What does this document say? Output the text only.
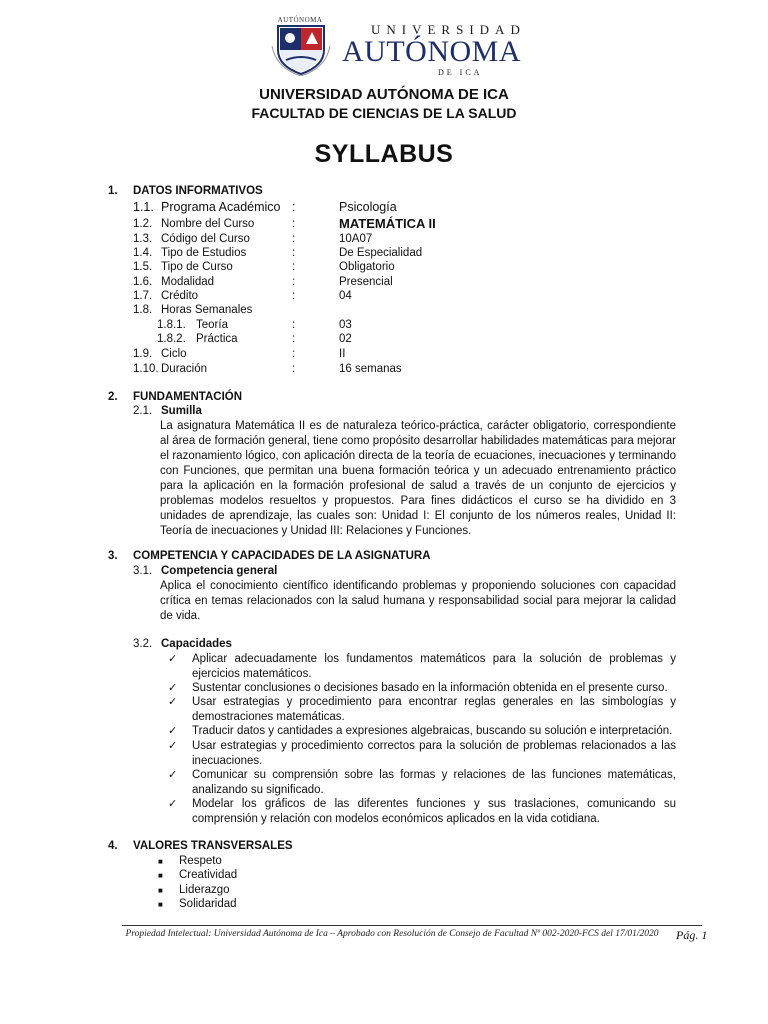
AUTÓNOMA
UNIVERSIDAD
AUTÓNOMA
DE ICA
UNIVERSIDAD AUTÓNOMA DE ICA
FACULTAD DE CIENCIAS DE LA SALUD
SYLLABUS
1. DATOS INFORMATIVOS
1.1. Programa Académico :	Psicología
1.2. Nombre del Curso	:	MATEMÁTICA II
1.3. Código del Curso	:	10A07
1.4. Tipo de Estudios	:	De Especialidad
1.5. Tipo de Curso	:	Obligatorio
1.6. Modalidad	:	Presencial
1.7. Crédito	:	04
1.8. Horas Semanales
1.8.1. Teoría	:	03
1.8.2. Práctica	:	02
1.9. Ciclo	:	II
1.10. Duración	:	16 semanas
2. FUNDAMENTACIÓN
2.1. Sumilla

La asignatura Matemática II es de naturaleza teórico-práctica, carácter obligatorio, correspondiente al área de formación general, tiene como propósito desarrollar habilidades matemáticas para mejorar el razonamiento lógico, con aplicación directa de la teoría de ecuaciones, inecuaciones y terminando con Funciones, que permitan una buena formación teórica y un adecuado entrenamiento práctico para la aplicación en la formación profesional de salud a través de un conjunto de ejercicios y problemas modelos resueltos y propuestos. Para fines didácticos el curso se ha dividido en 3 unidades de aprendizaje, las cuales son: Unidad I: El conjunto de los números reales, Unidad II: Teoría de inecuaciones y Unidad III: Relaciones y Funciones.

3. COMPETENCIA Y CAPACIDADES DE LA ASIGNATURA
3.1. Competencia general

Aplica el conocimiento científico identificando problemas y proponiendo soluciones con capacidad crítica en temas relacionados con la salud humana y responsabilidad social para mejorar la calidad de vida.

3.2. Capacidades
✓ Aplicar adecuadamente los fundamentos matemáticos para la solución de problemas y ejercicios matemáticos.
✓ Sustentar conclusiones o decisiones basado en la información obtenida en el presente curso.
✓ Usar estrategias y procedimiento para encontrar reglas generales en las simbologías y demostraciones matemáticas.
✓ Traducir datos y cantidades a expresiones algebraicas, buscando su solución e interpretación.
✓ Usar estrategias y procedimiento correctos para la solución de problemas relacionados a las inecuaciones.
✓ Comunicar su comprensión sobre las formas y relaciones de las funciones matemáticas, analizando su significado.
✓ Modelar los gráficos de las diferentes funciones y sus traslaciones, comunicando su comprensión y relación con modelos económicos aplicados en la vida cotidiana.
4. VALORES TRANSVERSALES
■ Respeto
■ Creatividad
■ Liderazgo
■ Solidaridad
Propiedad Intelectual: Universidad Autónoma de Ica – Aprobado con Resolución de Consejo de Facultad Nº 002-2020-FCS del 17/01/2020 Pág. 1
